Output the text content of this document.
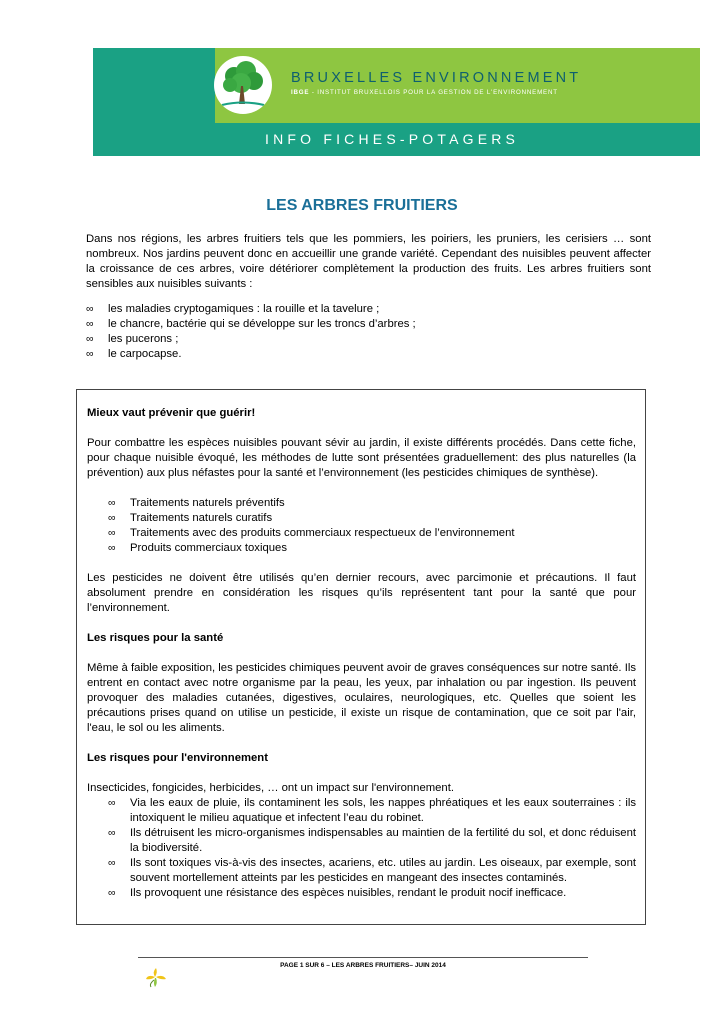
BRUXELLES ENVIRONNEMENT
IBGE - INSTITUT BRUXELLOIS POUR LA GESTION DE L'ENVIRONNEMENT
INFO FICHES-POTAGERS
LES ARBRES FRUITIERS

Dans nos régions, les arbres fruitiers tels que les pommiers, les poiriers, les pruniers, les cerisiers … sont nombreux. Nos jardins peuvent donc en accueillir une grande variété. Cependant des nuisibles peuvent affecter la croissance de ces arbres, voire détériorer complètement la production des fruits. Les arbres fruitiers sont sensibles aux nuisibles suivants :

∞ les maladies cryptogamiques : la rouille et la tavelure ;
∞ le chancre, bactérie qui se développe sur les troncs d’arbres ;
∞ les pucerons ;
∞ le carpocapse.
Mieux vaut prévenir que guérir!

Pour combattre les espèces nuisibles pouvant sévir au jardin, il existe différents procédés. Dans cette fiche, pour chaque nuisible évoqué, les méthodes de lutte sont présentées graduellement: des plus naturelles (la prévention) aux plus néfastes pour la santé et l’environnement (les pesticides chimiques de synthèse).

∞ Traitements naturels préventifs
∞ Traitements naturels curatifs
∞ Traitements avec des produits commerciaux respectueux de l’environnement
∞ Produits commerciaux toxiques

Les pesticides ne doivent être utilisés qu’en dernier recours, avec parcimonie et précautions. Il faut absolument prendre en considération les risques qu’ils représentent tant pour la santé que pour l’environnement.

Les risques pour la santé

Même à faible exposition, les pesticides chimiques peuvent avoir de graves conséquences sur notre santé. Ils entrent en contact avec notre organisme par la peau, les yeux, par inhalation ou par ingestion. Ils peuvent provoquer des maladies cutanées, digestives, oculaires, neurologiques, etc. Quelles que soient les précautions prises quand on utilise un pesticide, il existe un risque de contamination, que ce soit par l'air, l'eau, le sol ou les aliments.

Les risques pour l'environnement

Insecticides, fongicides, herbicides, … ont un impact sur l'environnement.

∞ Via les eaux de pluie, ils contaminent les sols, les nappes phréatiques et les eaux souterraines : ils intoxiquent le milieu aquatique et infectent l’eau du robinet.
∞ Ils détruisent les micro-organismes indispensables au maintien de la fertilité du sol, et donc réduisent la biodiversité.
∞ Ils sont toxiques vis-à-vis des insectes, acariens, etc. utiles au jardin. Les oiseaux, par exemple, sont souvent mortellement atteints par les pesticides en mangeant des insectes contaminés.
∞ Ils provoquent une résistance des espèces nuisibles, rendant le produit nocif inefficace.
PAGE 1 SUR 6 – LES ARBRES FRUITIERS– JUIN 2014
